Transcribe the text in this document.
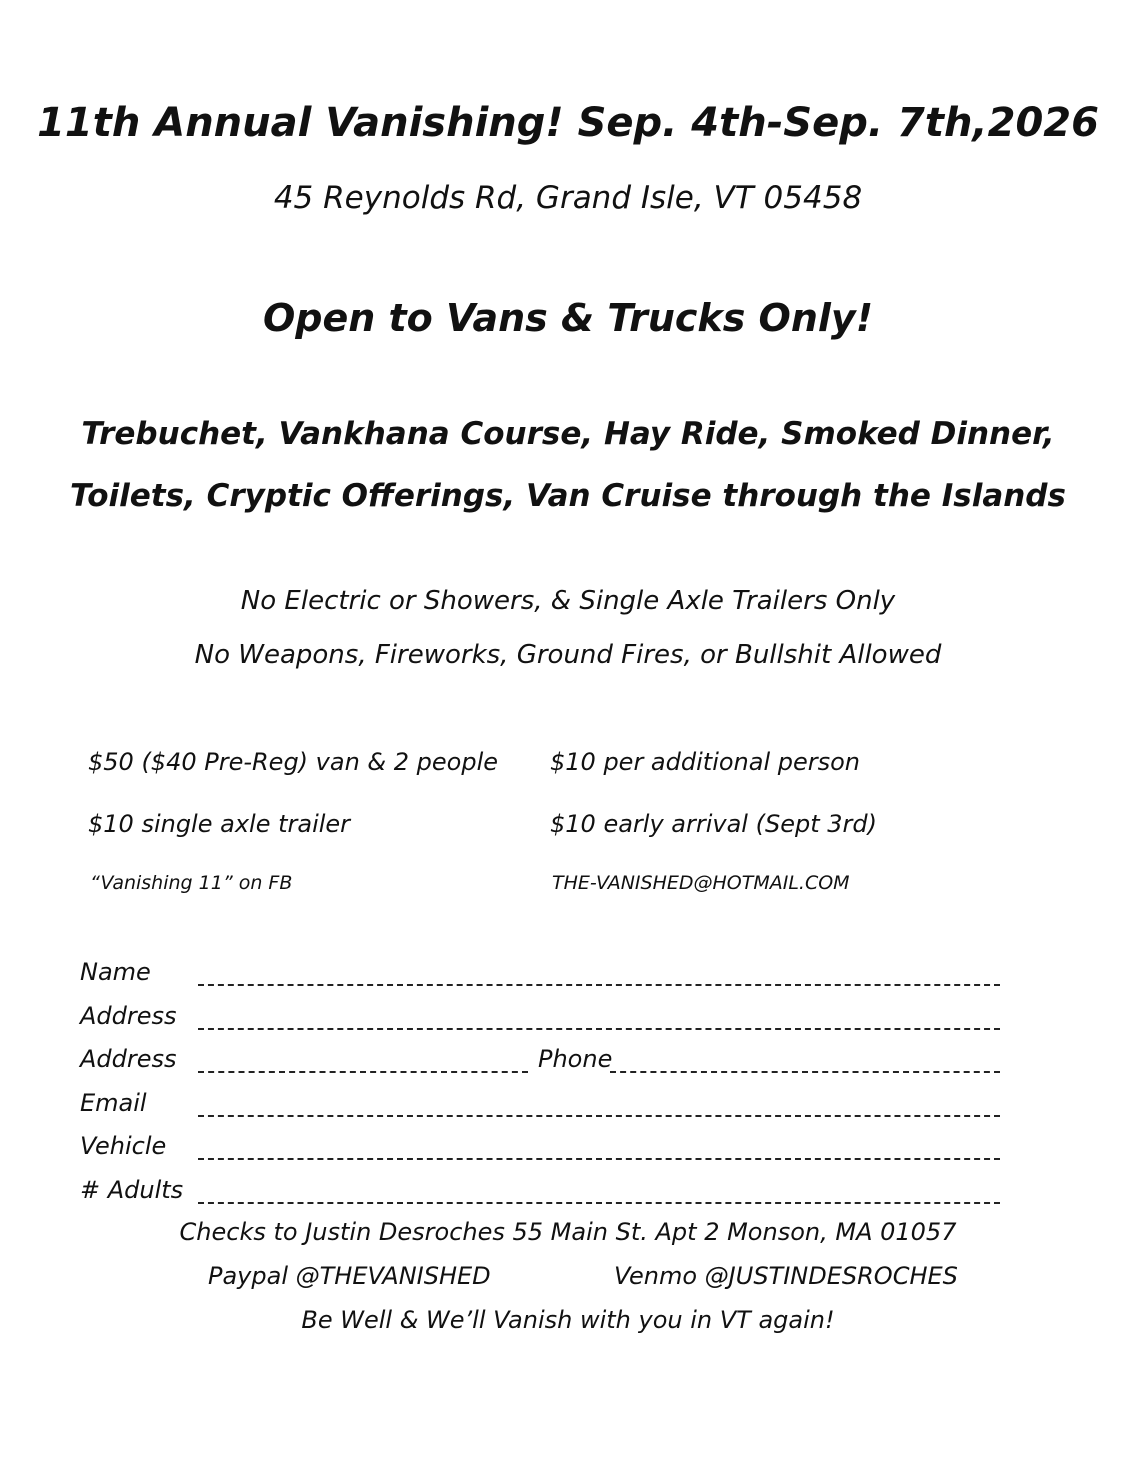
11th Annual Vanishing! Sep. 4th-Sep. 7th,2026
45 Reynolds Rd, Grand Isle, VT 05458
Open to Vans & Trucks Only!
Trebuchet, Vankhana Course, Hay Ride, Smoked Dinner,
Toilets, Cryptic Offerings, Van Cruise through the Islands
No Electric or Showers, & Single Axle Trailers Only
No Weapons, Fireworks, Ground Fires, or Bullshit Allowed
$50 ($40 Pre-Reg) van & 2 people $10 per additional person
$10 single axle trailer	$10 early arrival (Sept 3rd)
“Vanishing 11” on FB	THE-VANISHED@HOTMAIL.COM
Name
Address
Address	Phone
Email
Vehicle
# Adults
Checks to Justin Desroches 55 Main St. Apt 2 Monson, MA 01057
Paypal @THEVANISHED	Venmo @JUSTINDESROCHES
Be Well & We’ll Vanish with you in VT again!
